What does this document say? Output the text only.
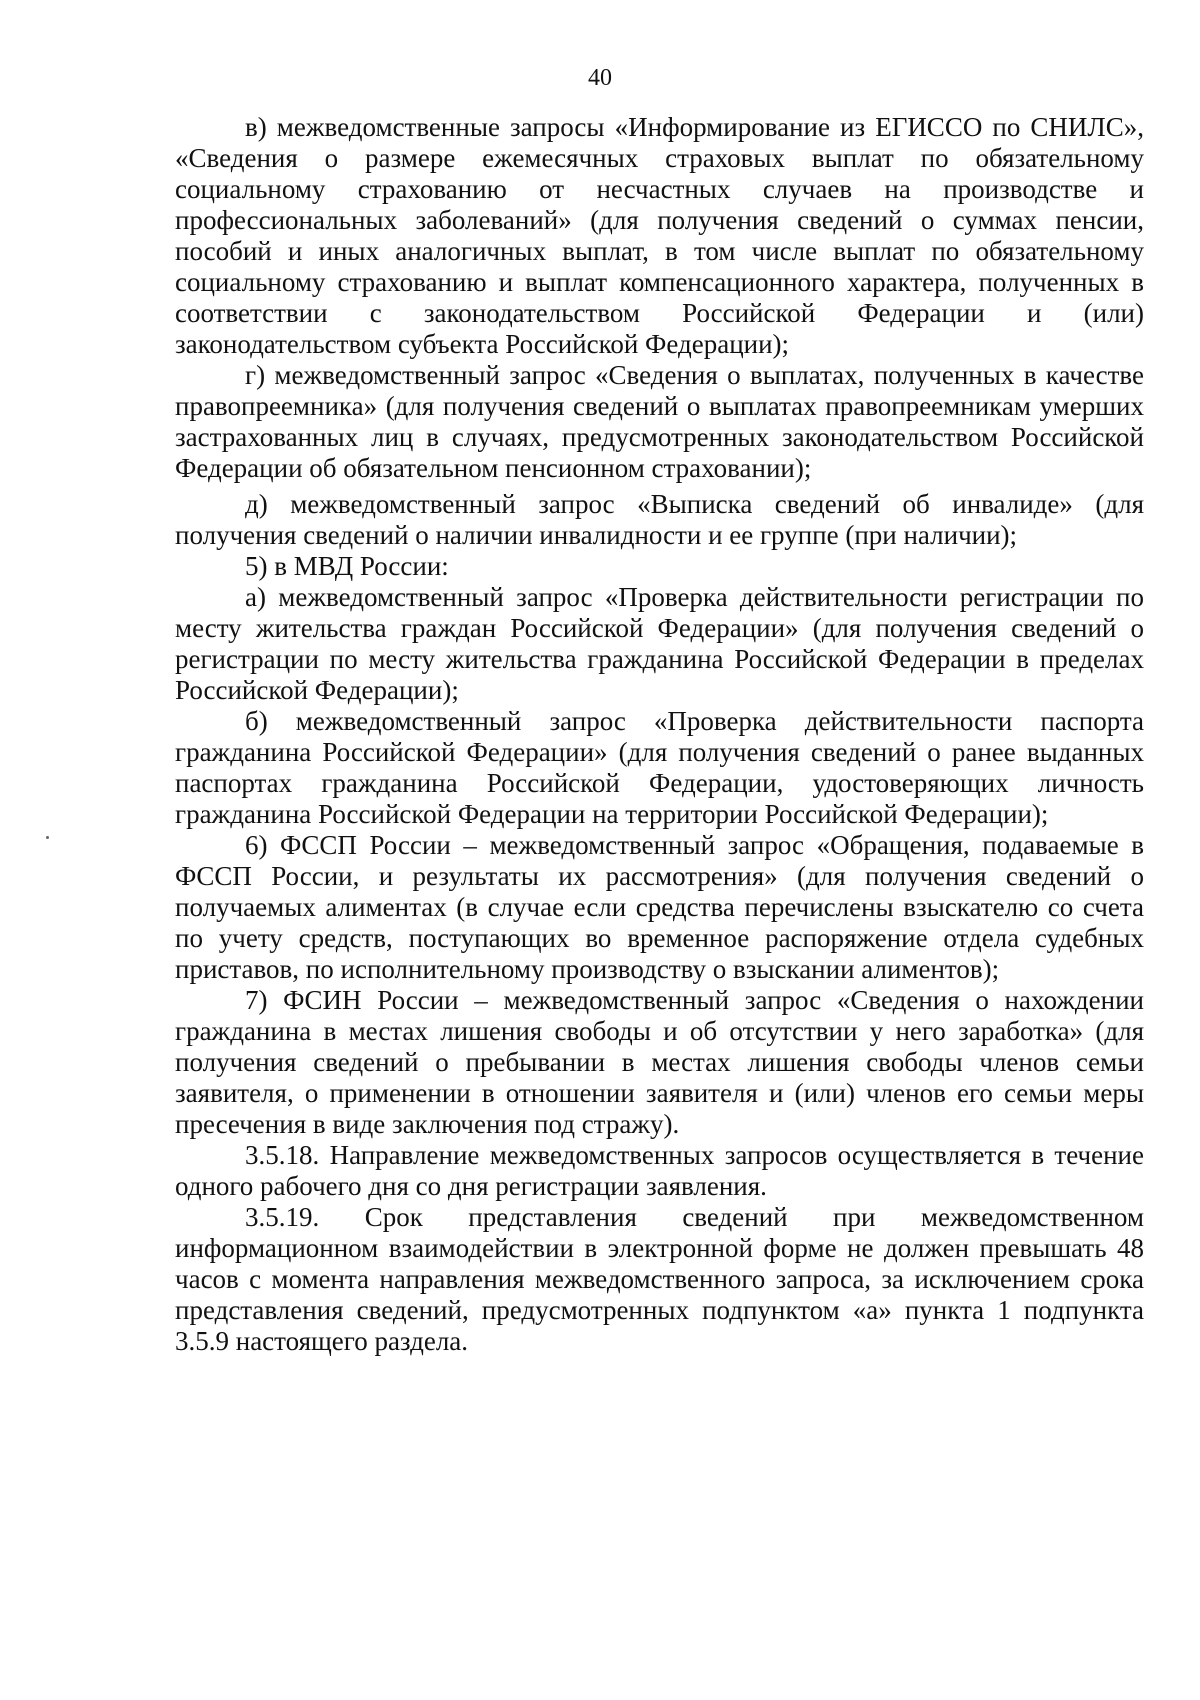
40

в) межведомственные запросы «Информирование из ЕГИССО по СНИЛС», «Сведения о размере ежемесячных страховых выплат по обязательному социальному страхованию от несчастных случаев на производстве и профессиональных заболеваний» (для получения сведений о суммах пенсии, пособий и иных аналогичных выплат, в том числе выплат по обязательному социальному страхованию и выплат компенсационного характера, полученных в соответствии с законодательством Российской Федерации и (или) законодательством субъекта Российской Федерации);

г) межведомственный запрос «Сведения о выплатах, полученных в качестве правопреемника» (для получения сведений о выплатах правопреемникам умерших застрахованных лиц в случаях, предусмотренных законодательством Российской Федерации об обязательном пенсионном страховании);

д) межведомственный запрос «Выписка сведений об инвалиде» (для получения сведений о наличии инвалидности и ее группе (при наличии);

5) в МВД России:

а) межведомственный запрос «Проверка действительности регистрации по месту жительства граждан Российской Федерации» (для получения сведений о регистрации по месту жительства гражданина Российской Федерации в пределах Российской Федерации);

б) межведомственный запрос «Проверка действительности паспорта гражданина Российской Федерации» (для получения сведений о ранее выданных паспортах гражданина Российской Федерации, удостоверяющих личность гражданина Российской Федерации на территории Российской Федерации);

6) ФССП России – межведомственный запрос «Обращения, подаваемые в ФССП России, и результаты их рассмотрения» (для получения сведений о получаемых алиментах (в случае если средства перечислены взыскателю со счета по учету средств, поступающих во временное распоряжение отдела судебных приставов, по исполнительному производству о взыскании алиментов);

7) ФСИН России – межведомственный запрос «Сведения о нахождении гражданина в местах лишения свободы и об отсутствии у него заработка» (для получения сведений о пребывании в местах лишения свободы членов семьи заявителя, о применении в отношении заявителя и (или) членов его семьи меры пресечения в виде заключения под стражу).

3.5.18. Направление межведомственных запросов осуществляется в течение одного рабочего дня со дня регистрации заявления.

3.5.19. Срок представления сведений при межведомственном информационном взаимодействии в электронной форме не должен превышать 48 часов с момента направления межведомственного запроса, за исключением срока представления сведений, предусмотренных подпунктом «а» пункта 1 подпункта 3.5.9 настоящего раздела.
